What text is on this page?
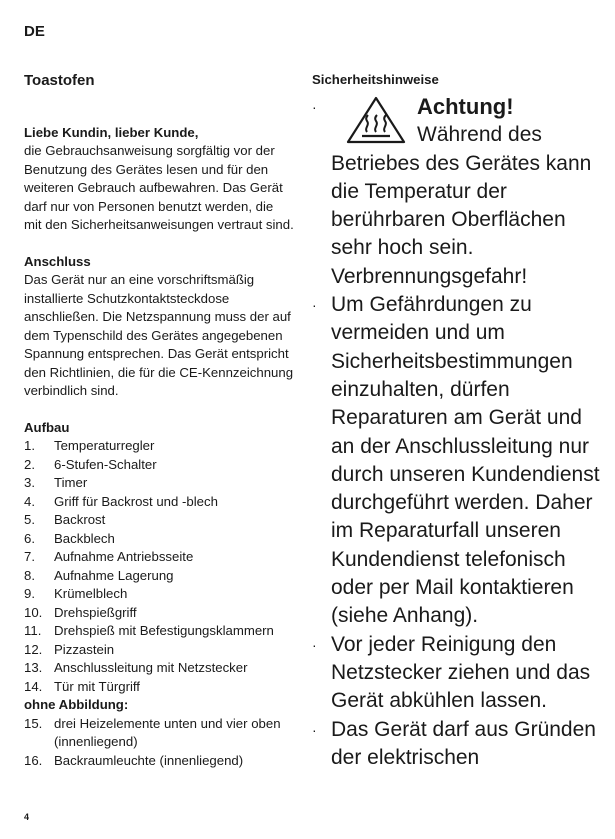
DE
Toastofen
Liebe Kundin, lieber Kunde,
die Gebrauchsanweisung sorgfältig vor der Benutzung des Gerätes lesen und für den weiteren Gebrauch aufbewahren. Das Gerät darf nur von Personen benutzt werden, die mit den Sicherheitsanweisungen vertraut sind.
Anschluss
Das Gerät nur an eine vorschriftsmäßig installierte Schutzkontaktsteckdose anschließen. Die Netzspannung muss der auf dem Typenschild des Gerätes angegebenen Spannung entsprechen. Das Gerät entspricht den Richtlinien, die für die CE-Kennzeichnung verbindlich sind.
Aufbau
1.	Temperaturregler
2.	6-Stufen-Schalter
3.	Timer
4.	Griff für Backrost und -blech
5.	Backrost
6.	Backblech
7.	Aufnahme Antriebsseite
8.	Aufnahme Lagerung
9.	Krümelblech
10. Drehspießgriff
11. Drehspieß mit Befestigungsklammern
12. Pizzastein
13. Anschlussleitung mit Netzstecker
14. Tür mit Türgriff
ohne Abbildung:
15. drei Heizelemente unten und vier oben (innenliegend)
16. Backraumleuchte (innenliegend)
Sicherheitshinweise
·	Achtung!
Während des
Betriebes des Gerätes kann die Temperatur der berührbaren Oberflächen sehr hoch sein. Verbrennungsgefahr!
· Um Gefährdungen zu vermeiden und um Sicherheitsbestimmungen einzuhalten, dürfen Reparaturen am Gerät und an der Anschlussleitung nur durch unseren Kundendienst durchgeführt werden. Daher im Reparaturfall unseren Kundendienst telefonisch oder per Mail kontaktieren (siehe Anhang).
· Vor jeder Reinigung den Netzstecker ziehen und das Gerät abkühlen lassen.
· Das Gerät darf aus Gründen der elektrischen
4
